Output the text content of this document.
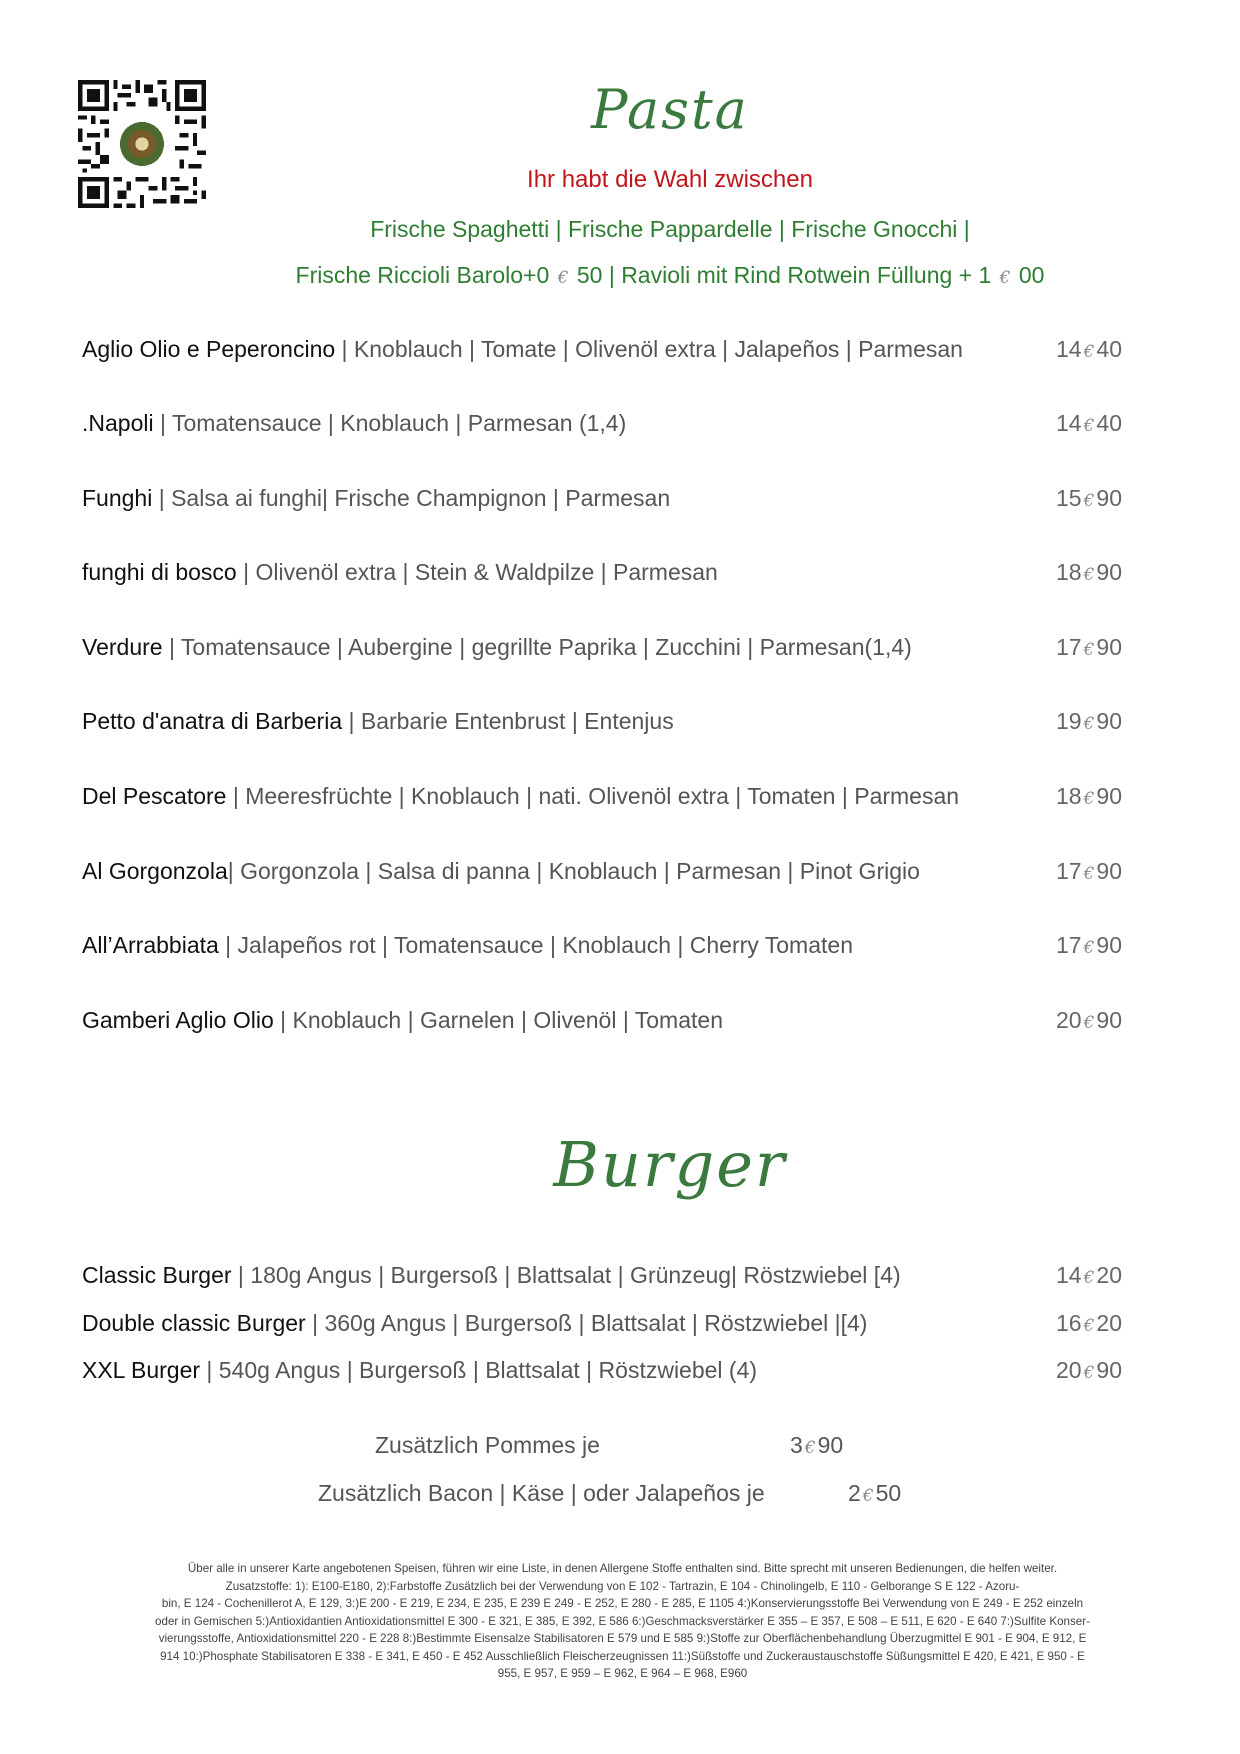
Pasta
Ihr habt die Wahl zwischen
Frische Spaghetti | Frische Pappardelle | Frische Gnocchi |
Frische Riccioli Barolo+0 € 50 | Ravioli mit Rind Rotwein Füllung + 1 € 00
Aglio Olio e Peperoncino | Knoblauch | Tomate | Olivenöl extra | Jalapeños | Parmesan	14 €40
.Napoli | Tomatensauce | Knoblauch | Parmesan (1,4)	14 €40
Funghi | Salsa ai funghi| Frische Champignon | Parmesan	15 €90
funghi di bosco | Olivenöl extra | Stein & Waldpilze | Parmesan	18 €90
Verdure | Tomatensauce | Aubergine | gegrillte Paprika | Zucchini | Parmesan(1,4)	17 €90
Petto d'anatra di Barberia | Barbarie Entenbrust | Entenjus	19 €90
Del Pescatore | Meeresfrüchte | Knoblauch | nati. Olivenöl extra | Tomaten | Parmesan	18 €90
Al Gorgonzola| Gorgonzola | Salsa di panna | Knoblauch | Parmesan | Pinot Grigio	17 €90
All’Arrabbiata | Jalapeños rot | Tomatensauce | Knoblauch | Cherry Tomaten	17 €90
Gamberi Aglio Olio | Knoblauch | Garnelen | Olivenöl | Tomaten	20 €90
Burger
Classic Burger | 180g Angus | Burgersoß | Blattsalat | Grünzeug| Röstzwiebel [4)	14 €20
Double classic Burger | 360g Angus | Burgersoß | Blattsalat | Röstzwiebel |[4)	16 €20
XXL Burger | 540g Angus | Burgersoß | Blattsalat | Röstzwiebel (4)	20 €90
Zusätzlich Pommes je	3 €90
Zusätzlich Bacon | Käse | oder Jalapeños je	2 €50
Über alle in unserer Karte angebotenen Speisen, führen wir eine Liste, in denen Allergene Stoffe enthalten sind. Bitte sprecht mit unseren Bedienungen, die helfen weiter.
Zusatzstoffe: 1): E100-E180, 2):Farbstoffe Zusätzlich bei der Verwendung von E 102 - Tartrazin, E 104 - Chinolingelb, E 110 - Gelborange S E 122 - Azoru-
bin, E 124 - Cochenillerot A, E 129, 3:)E 200 - E 219, E 234, E 235, E 239 E 249 - E 252, E 280 - E 285, E 1105 4:)Konservierungsstoffe Bei Verwendung von E 249 - E 252 einzeln
oder in Gemischen 5:)Antioxidantien Antioxidationsmittel E 300 - E 321, E 385, E 392, E 586 6:)Geschmacksverstärker E 355 – E 357, E 508 – E 511, E 620 - E 640 7:)Sulfite Konser-
vierungsstoffe, Antioxidationsmittel 220 - E 228 8:)Bestimmte Eisensalze Stabilisatoren E 579 und E 585 9:)Stoffe zur Oberflächenbehandlung Überzugmittel E 901 - E 904, E 912, E
914 10:)Phosphate Stabilisatoren E 338 - E 341, E 450 - E 452 Ausschließlich Fleischerzeugnissen 11:)Süßstoffe und Zuckeraustauschstoffe Süßungsmittel E 420, E 421, E 950 - E
955, E 957, E 959 – E 962, E 964 – E 968, E960
